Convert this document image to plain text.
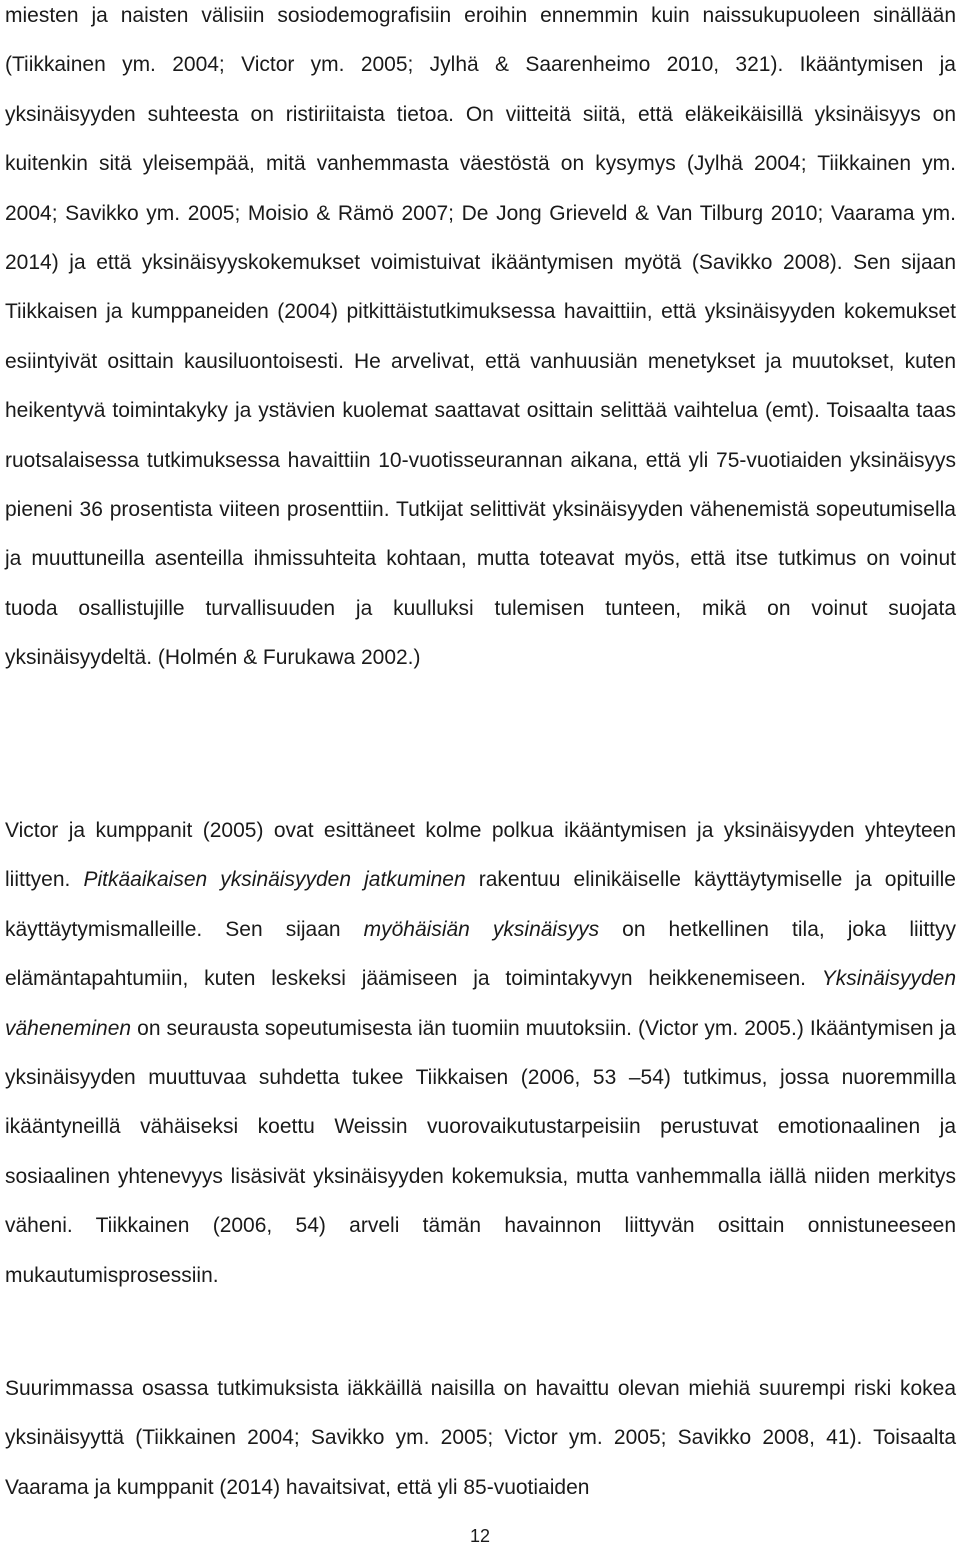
miesten ja naisten välisiin sosiodemografisiin eroihin ennemmin kuin naissukupuoleen sinällään (Tiikkainen ym. 2004; Victor ym. 2005; Jylhä & Saarenheimo 2010, 321). Ikääntymisen ja yksinäisyyden suhteesta on ristiriitaista tietoa. On viitteitä siitä, että eläkeikäisillä yksinäisyys on kuitenkin sitä yleisempää, mitä vanhemmasta väestöstä on kysymys (Jylhä 2004; Tiikkainen ym. 2004; Savikko ym. 2005; Moisio & Rämö 2007; De Jong Grieveld & Van Tilburg 2010; Vaarama ym. 2014) ja että yksinäisyyskokemukset voimistuivat ikääntymisen myötä (Savikko 2008). Sen sijaan Tiikkaisen ja kumppaneiden (2004) pitkittäistutkimuksessa havaittiin, että yksinäisyyden kokemukset esiintyivät osittain kausiluontoisesti. He arvelivat, että vanhuusiän menetykset ja muutokset, kuten heikentyvä toimintakyky ja ystävien kuolemat saattavat osittain selittää vaihtelua (emt). Toisaalta taas ruotsalaisessa tutkimuksessa havaittiin 10-vuotisseurannan aikana, että yli 75-vuotiaiden yksinäisyys pieneni 36 prosentista viiteen prosenttiin. Tutkijat selittivät yksinäisyyden vähenemistä sopeutumisella ja muuttuneilla asenteilla ihmissuhteita kohtaan, mutta toteavat myös, että itse tutkimus on voinut tuoda osallistujille turvallisuuden ja kuulluksi tulemisen tunteen, mikä on voinut suojata yksinäisyydeltä. (Holmén & Furukawa 2002.)

Victor ja kumppanit (2005) ovat esittäneet kolme polkua ikääntymisen ja yksinäisyyden yhteyteen liittyen. Pitkäaikaisen yksinäisyyden jatkuminen rakentuu elinikäiselle käyttäytymiselle ja opituille käyttäytymismalleille. Sen sijaan myöhäisiän yksinäisyys on hetkellinen tila, joka liittyy elämäntapahtumiin, kuten leskeksi jäämiseen ja toimintakyvyn heikkenemiseen. Yksinäisyyden väheneminen on seurausta sopeutumisesta iän tuomiin muutoksiin. (Victor ym. 2005.) Ikääntymisen ja yksinäisyyden muuttuvaa suhdetta tukee Tiikkaisen (2006, 53 ‒54) tutkimus, jossa nuoremmilla ikääntyneillä vähäiseksi koettu Weissin vuorovaikutustarpeisiin perustuvat emotionaalinen ja sosiaalinen yhtenevyys lisäsivät yksinäisyyden kokemuksia, mutta vanhemmalla iällä niiden merkitys väheni. Tiikkainen (2006, 54) arveli tämän havainnon liittyvän osittain onnistuneeseen mukautumisprosessiin.

Suurimmassa osassa tutkimuksista iäkkäillä naisilla on havaittu olevan miehiä suurempi riski kokea yksinäisyyttä (Tiikkainen 2004; Savikko ym. 2005; Victor ym. 2005; Savikko 2008, 41). Toisaalta Vaarama ja kumppanit (2014) havaitsivat, että yli 85-vuotiaiden

12
